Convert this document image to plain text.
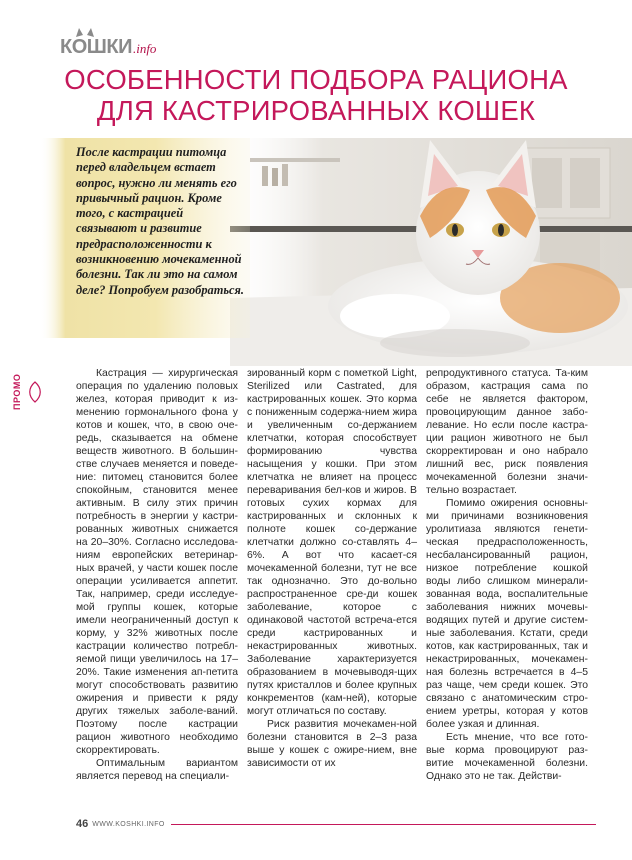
КОШКИ .info
ОСОБЕННОСТИ ПОДБОРА РАЦИОНА
ДЛЯ КАСТРИРОВАННЫХ КОШЕК
После кастрации питомца перед владельцем встает вопрос, нужно ли менять его привычный рацион. Кроме того, с кастрацией связывают и развитие предрасположенности к возникновению мочекаменной болезни. Так ли это на самом деле? Попробуем разобраться.
ПРОМО

Кастрация — хирургическая операция по удалению половых желез, которая приводит к из-менению гормонального фона у котов и кошек, что, в свою оче-редь, сказывается на обмене веществ животного. В большин-стве случаев меняется и поведе-ние: питомец становится более спокойным, становится менее активным. В силу этих причин потребность в энергии у кастри-рованных животных снижается на 20–30%. Согласно исследова-ниям европейских ветеринар-ных врачей, у части кошек после операции усиливается аппетит. Так, например, среди исследуе-мой группы кошек, которые имели неограниченный доступ к корму, у 32% животных после кастрации количество потребл-яемой пищи увеличилось на 17–20%. Такие изменения ап-петита могут способствовать развитию ожирения и привести к ряду других тяжелых заболе-ваний. Поэтому после кастрации рацион животного необходимо скорректировать.

Оптимальным вариантом является перевод на специали-

зированный корм с пометкой Light, Sterilized или Castrated, для кастрированных кошек. Это корма с пониженным содержа-нием жира и увеличенным со-держанием клетчатки, которая способствует формированию чувства насыщения у кошки. При этом клетчатка не влияет на процесс переваривания бел-ков и жиров. В готовых сухих кормах для кастрированных и склонных к полноте кошек со-держание клетчатки должно со-ставлять 4–6%. А вот что касает-ся мочекаменной болезни, тут не все так однозначно. Это до-вольно распространенное сре-ди кошек заболевание, которое с одинаковой частотой встреча-ется среди кастрированных и некастрированных животных. Заболевание характеризуется образованием в мочевыводя-щих путях кристаллов и более крупных конкрементов (кам-ней), которые могут отличаться по составу.

Риск развития мочекамен-ной болезни становится в 2–3 раза выше у кошек с ожире-нием, вне зависимости от их

репродуктивного статуса. Та-ким образом, кастрация сама по себе не является фактором, провоцирующим данное забо-левание. Но если после кастра-ции рацион животного не был скорректирован и оно набрало лишний вес, риск появления мочекаменной болезни значи-тельно возрастает.

Помимо ожирения основны-ми причинами возникновения уролитиаза являются генети-ческая предрасположенность, несбалансированный рацион, низкое потребление кошкой воды либо слишком минерали-зованная вода, воспалительные заболевания нижних мочевы-водящих путей и другие систем-ные заболевания. Кстати, среди котов, как кастрированных, так и некастрированных, мочекамен-ная болезнь встречается в 4–5 раз чаще, чем среди кошек. Это связано с анатомическим стро-ением уретры, которая у котов более узкая и длинная.

Есть мнение, что все гото-вые корма провоцируют раз-витие мочекаменной болезни. Однако это не так. Действи-

46 WWW.KOSHKI.INFO
